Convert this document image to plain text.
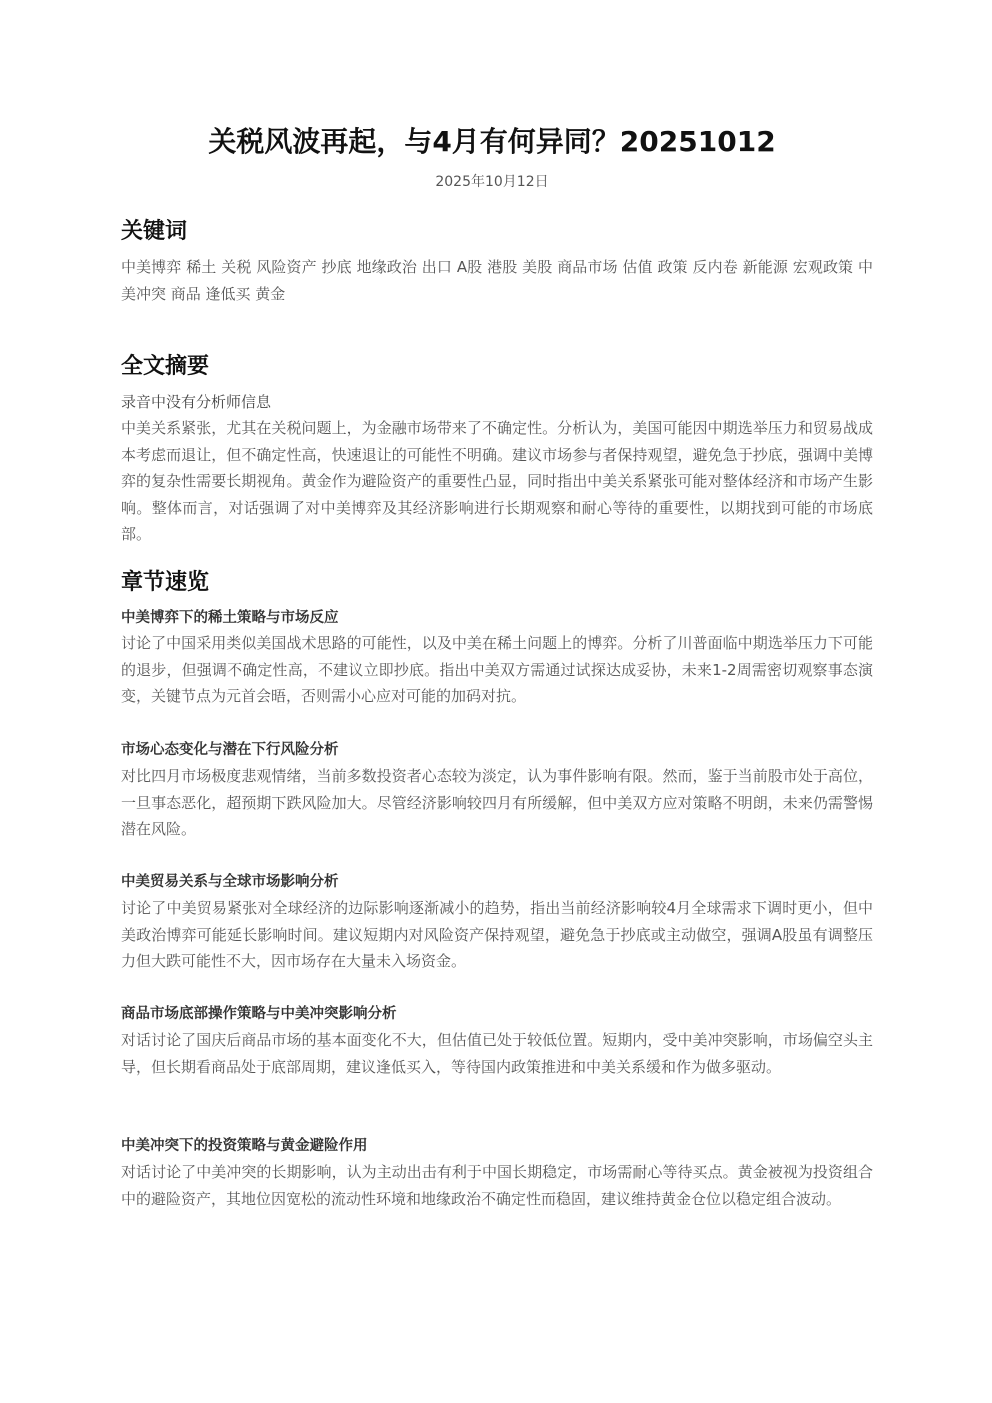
关税风波再起，与4月有何异同？20251012
2025年10月12日
关键词
中美博弈 稀土 关税 风险资产 抄底 地缘政治 出口 A股 港股 美股 商品市场 估值 政策 反内卷 新能源 宏观政策 中美冲突 商品 逢低买 黄金
全文摘要
录音中没有分析师信息
中美关系紧张，尤其在关税问题上，为金融市场带来了不确定性。分析认为，美国可能因中期选举压力和贸易战成本考虑而退让，但不确定性高，快速退让的可能性不明确。建议市场参与者保持观望，避免急于抄底，强调中美博弈的复杂性需要长期视角。黄金作为避险资产的重要性凸显，同时指出中美关系紧张可能对整体经济和市场产生影响。整体而言，对话强调了对中美博弈及其经济影响进行长期观察和耐心等待的重要性，以期找到可能的市场底部。
章节速览
中美博弈下的稀土策略与市场反应
讨论了中国采用类似美国战术思路的可能性，以及中美在稀土问题上的博弈。分析了川普面临中期选举压力下可能的退步，但强调不确定性高，不建议立即抄底。指出中美双方需通过试探达成妥协，未来1-2周需密切观察事态演变，关键节点为元首会晤，否则需小心应对可能的加码对抗。
市场心态变化与潜在下行风险分析
对比四月市场极度悲观情绪，当前多数投资者心态较为淡定，认为事件影响有限。然而，鉴于当前股市处于高位，一旦事态恶化，超预期下跌风险加大。尽管经济影响较四月有所缓解，但中美双方应对策略不明朗，未来仍需警惕潜在风险。
中美贸易关系与全球市场影响分析
讨论了中美贸易紧张对全球经济的边际影响逐渐减小的趋势，指出当前经济影响较4月全球需求下调时更小，但中美政治博弈可能延长影响时间。建议短期内对风险资产保持观望，避免急于抄底或主动做空，强调A股虽有调整压力但大跌可能性不大，因市场存在大量未入场资金。
商品市场底部操作策略与中美冲突影响分析
对话讨论了国庆后商品市场的基本面变化不大，但估值已处于较低位置。短期内，受中美冲突影响，市场偏空头主导，但长期看商品处于底部周期，建议逢低买入，等待国内政策推进和中美关系缓和作为做多驱动。
中美冲突下的投资策略与黄金避险作用
对话讨论了中美冲突的长期影响，认为主动出击有利于中国长期稳定，市场需耐心等待买点。黄金被视为投资组合中的避险资产，其地位因宽松的流动性环境和地缘政治不确定性而稳固，建议维持黄金仓位以稳定组合波动。
